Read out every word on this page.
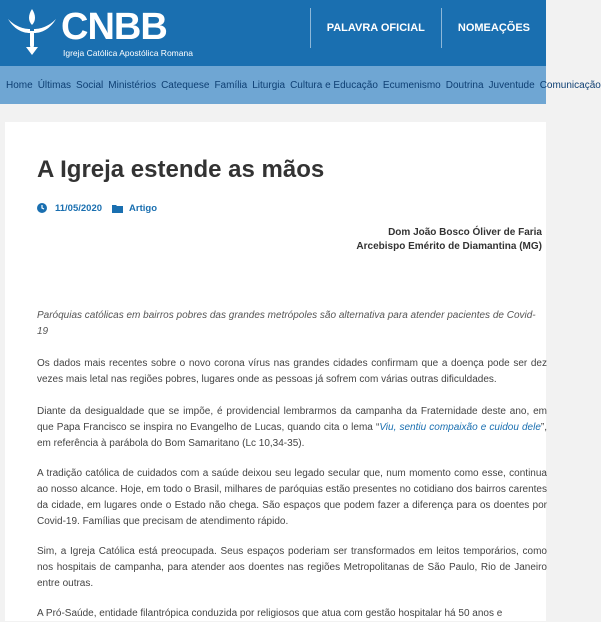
CNBB
Igreja Católica Apostólica Romana
PALAVRA OFICIAL	NOMEAÇÕES
Home Últimas Social Ministérios Catequese Família Liturgia Cultura e Educação Ecumenismo Doutrina Juventude Comunicação
A Igreja estende as mãos
11/05/2020	Artigo
Dom João Bosco Óliver de Faria
Arcebispo Emérito de Diamantina (MG)

Paróquias católicas em bairros pobres das grandes metrópoles são alternativa para atender pacientes de Covid-19

Os dados mais recentes sobre o novo corona vírus nas grandes cidades confirmam que a doença pode ser dez vezes mais letal nas regiões pobres, lugares onde as pessoas já sofrem com várias outras dificuldades.

Diante da desigualdade que se impõe, é providencial lembrarmos da campanha da Fraternidade deste ano, em que Papa Francisco se inspira no Evangelho de Lucas, quando cita o lema “Viu, sentiu compaixão e cuidou dele”, em referência à parábola do Bom Samaritano (Lc 10,34-35).

A tradição católica de cuidados com a saúde deixou seu legado secular que, num momento como esse, continua ao nosso alcance. Hoje, em todo o Brasil, milhares de paróquias estão presentes no cotidiano dos bairros carentes da cidade, em lugares onde o Estado não chega. São espaços que podem fazer a diferença para os doentes por Covid-19. Famílias que precisam de atendimento rápido.

Sim, a Igreja Católica está preocupada. Seus espaços poderiam ser transformados em leitos temporários, como nos hospitais de campanha, para atender aos doentes nas regiões Metropolitanas de São Paulo, Rio de Janeiro entre outras.

A Pró-Saúde, entidade filantrópica conduzida por religiosos que atua com gestão hospitalar há 50 anos e
